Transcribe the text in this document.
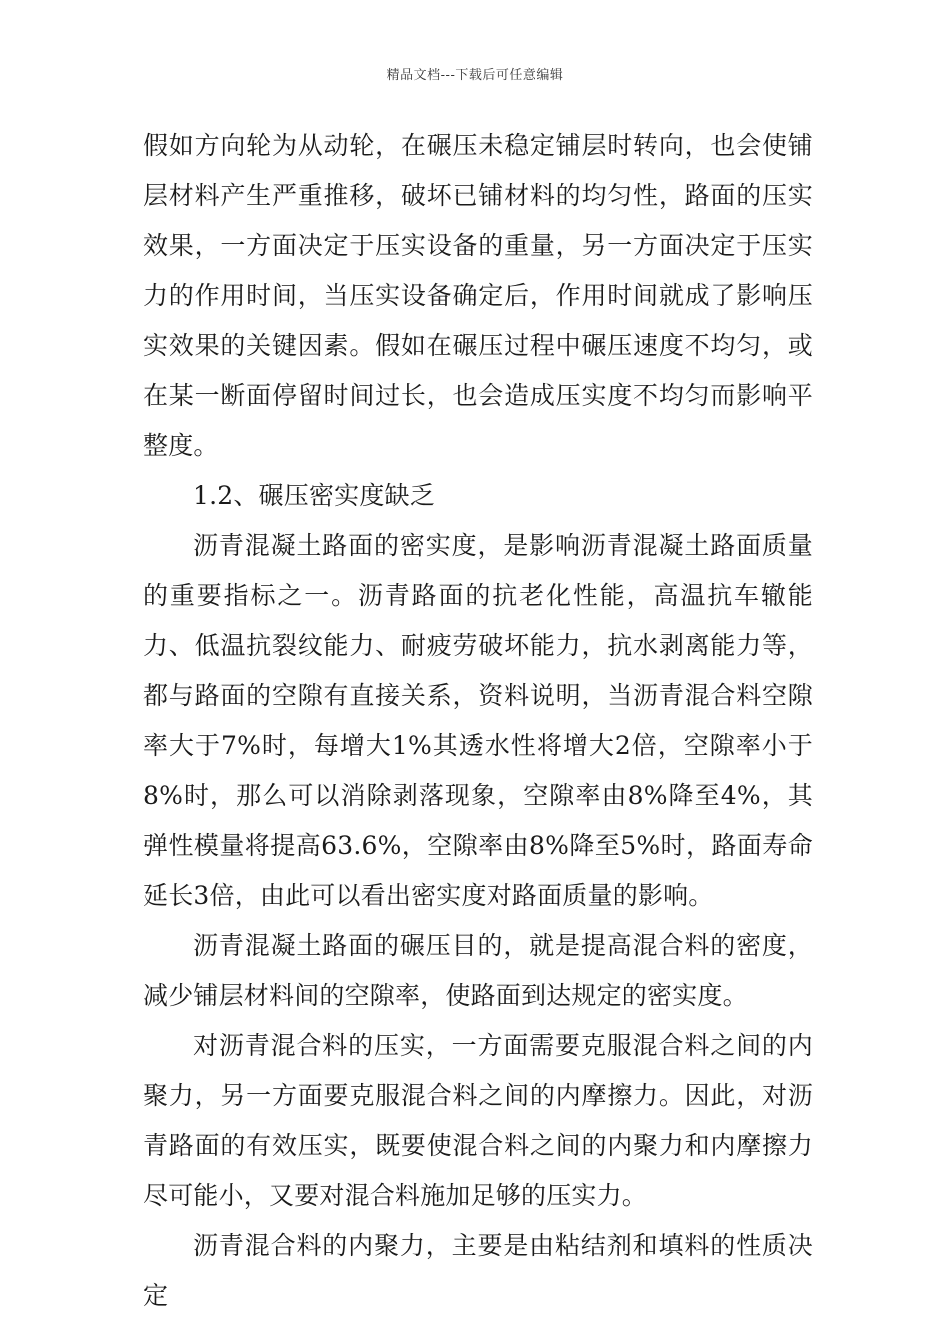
精品文档---下载后可任意编辑

假如方向轮为从动轮，在碾压未稳定铺层时转向，也会使铺层材料产生严重推移，破坏已铺材料的均匀性，路面的压实效果，一方面决定于压实设备的重量，另一方面决定于压实力的作用时间，当压实设备确定后，作用时间就成了影响压实效果的关键因素。假如在碾压过程中碾压速度不均匀，或在某一断面停留时间过长，也会造成压实度不均匀而影响平整度。

1.2、碾压密实度缺乏

沥青混凝土路面的密实度，是影响沥青混凝土路面质量的重要指标之一。沥青路面的抗老化性能，高温抗车辙能力、低温抗裂纹能力、耐疲劳破坏能力，抗水剥离能力等，都与路面的空隙有直接关系，资料说明，当沥青混合料空隙率大于7%时，每增大1%其透水性将增大2倍，空隙率小于8%时，那么可以消除剥落现象，空隙率由8%降至4%，其弹性模量将提高63.6%，空隙率由8%降至5%时，路面寿命延长3倍，由此可以看出密实度对路面质量的影响。

沥青混凝土路面的碾压目的，就是提高混合料的密度，减少铺层材料间的空隙率，使路面到达规定的密实度。

对沥青混合料的压实，一方面需要克服混合料之间的内聚力，另一方面要克服混合料之间的内摩擦力。因此，对沥青路面的有效压实，既要使混合料之间的内聚力和内摩擦力尽可能小，又要对混合料施加足够的压实力。

沥青混合料的内聚力，主要是由粘结剂和填料的性质决定
